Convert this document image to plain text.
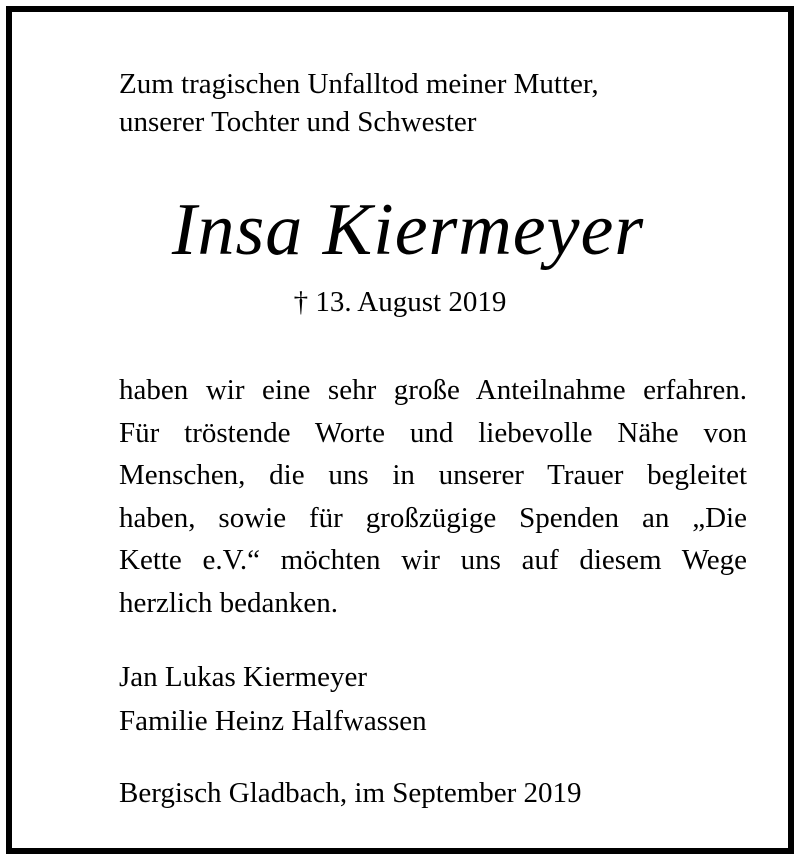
Zum tragischen Unfalltod meiner Mutter,
unserer Tochter und Schwester

Insa Kiermeyer

† 13. August 2019

haben wir eine sehr große Anteilnahme erfahren.
Für tröstende Worte und liebevolle Nähe von
Menschen, die uns in unserer Trauer begleitet
haben, sowie für großzügige Spenden an „Die
Kette e.V.“ möchten wir uns auf diesem Wege
herzlich bedanken.

Jan Lukas Kiermeyer
Familie Heinz Halfwassen

Bergisch Gladbach, im September 2019
